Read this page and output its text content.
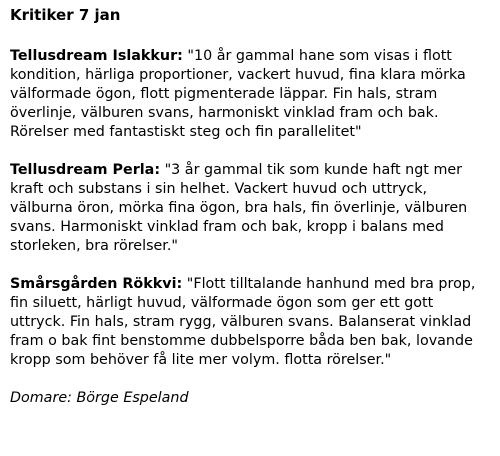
Kritiker 7 jan

Tellusdream Islakkur: "10 år gammal hane som visas i flott kondition, härliga proportioner, vackert huvud, fina klara mörka välformade ögon, flott pigmenterade läppar. Fin hals, stram överlinje, välburen svans, harmoniskt vinklad fram och bak. Rörelser med fantastiskt steg och fin parallelitet"

Tellusdream Perla: "3 år gammal tik som kunde haft ngt mer kraft och substans i sin helhet. Vackert huvud och uttryck, välburna öron, mörka fina ögon, bra hals, fin överlinje, välburen svans. Harmoniskt vinklad fram och bak, kropp i balans med storleken, bra rörelser."

Smårsgården Rökkvi: "Flott tilltalande hanhund med bra prop, fin siluett, härligt huvud, välformade ögon som ger ett gott uttryck. Fin hals, stram rygg, välburen svans. Balanserat vinklad fram o bak fint benstomme dubbelsporre båda ben bak, lovande kropp som behöver få lite mer volym. flotta rörelser."

Domare: Börge Espeland
